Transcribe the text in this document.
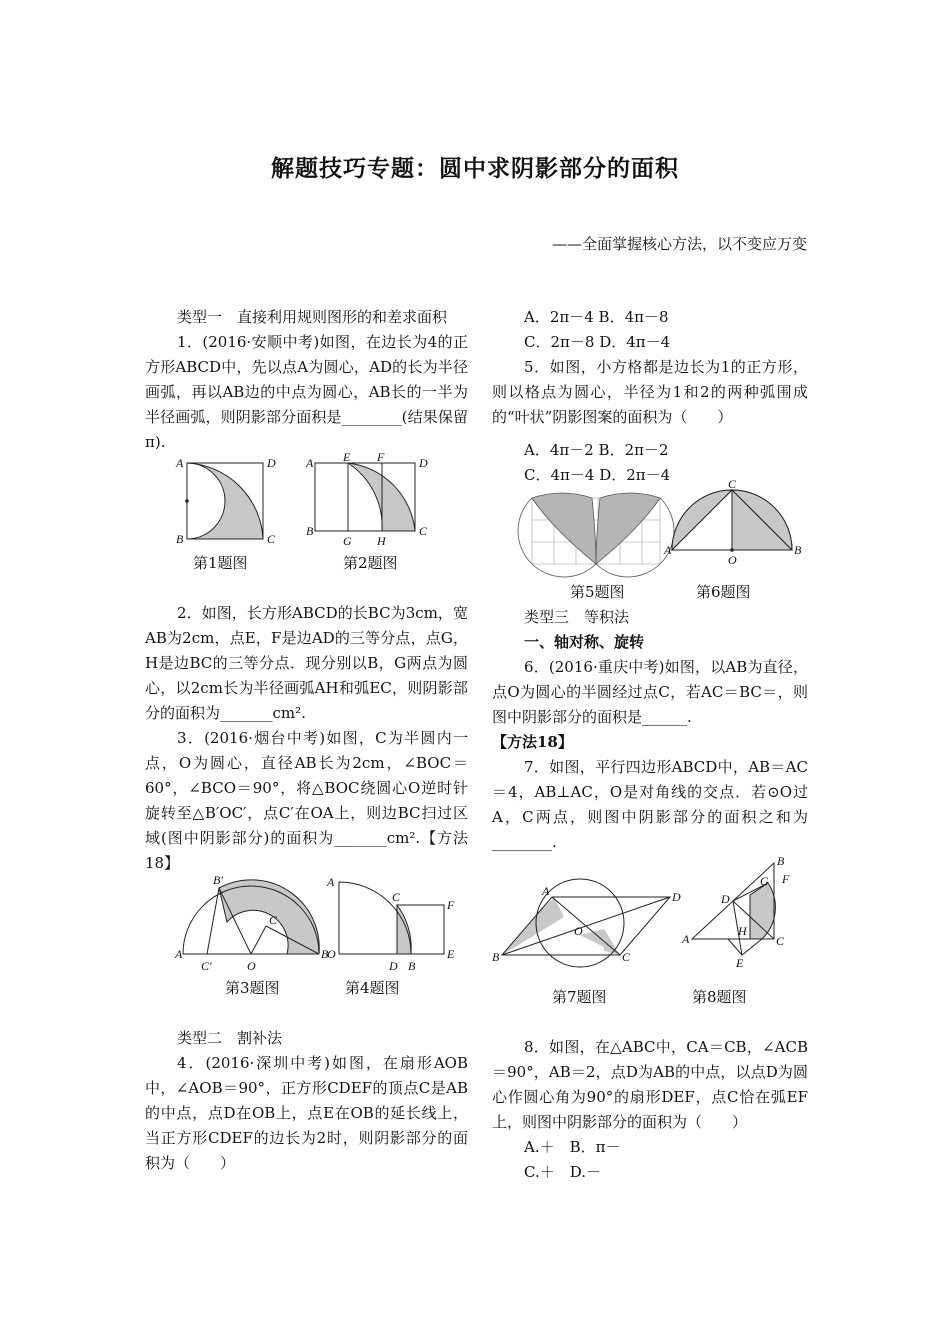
解题技巧专题：圆中求阴影部分的面积
——全面掌握核心方法，以不变应万变

类型一　直接利用规则图形的和差求面积

1．(2016·安顺中考)如图，在边长为4的正方形ABCD中，先以点A为圆心，AD的长为半径画弧，再以AB边的中点为圆心，AB长的一半为半径画弧，则阴影部分面积是________(结果保留π).

A	D
B	C
A E F	D
B
G H
C
第1题图	第2题图

2．如图，长方形ABCD的长BC为3cm，宽AB为2cm，点E，F是边AD的三等分点，点G，H是边BC的三等分点．现分别以B，G两点为圆心，以2cm长为半径画弧AH和弧EC，则阴影部分的面积为_______cm².

3．(2016·烟台中考)如图，C为半圆内一点，O为圆心，直径AB长为2cm，∠BOC＝60°，∠BCO＝90°，将△BOC绕圆心O逆时针旋转至△B′OC′，点C′在OA上，则边BC扫过区域(图中阴影部分)的面积为_______cm².【方法18】

B′
A
C′	O
C
B
A
O
C
F
D B
E
第3题图	第4题图

类型二　割补法

4．(2016·深圳中考)如图，在扇形AOB中，∠AOB＝90°，正方形CDEF的顶点C是AB的中点，点D在OB上，点E在OB的延长线上，当正方形CDEF的边长为2时，则阴影部分的面积为（　　）

A．2π－4 B．4π－8

C．2π－8 D．4π－4

5．如图，小方格都是边长为1的正方形，则以格点为圆心，半径为1和2的两种弧围成的“叶状”阴影图案的面积为（　　）

A．4π－2 B．2π－2

C．4π－4 D．2π－4

A
C
O
B
第5题图	第6题图

类型三　等积法

一、轴对称、旋转

6．(2016·重庆中考)如图，以AB为直径，点O为圆心的半圆经过点C，若AC＝BC＝，则图中阴影部分的面积是______.

【方法18】

7．如图，平行四边形ABCD中，AB＝AC＝4，AB⊥AC，O是对角线的交点．若⊙O过A，C两点，则图中阴影部分的面积之和为________.

A	D
B	C
O
B
G F
D
A
H
C
E
第7题图	第8题图

8．如图，在△ABC中，CA＝CB，∠ACB＝90°，AB＝2，点D为AB的中点，以点D为圆心作圆心角为90°的扇形DEF，点C恰在弧EF上，则图中阴影部分的面积为（　　）

A.＋　B．π－

C.＋　D.－
